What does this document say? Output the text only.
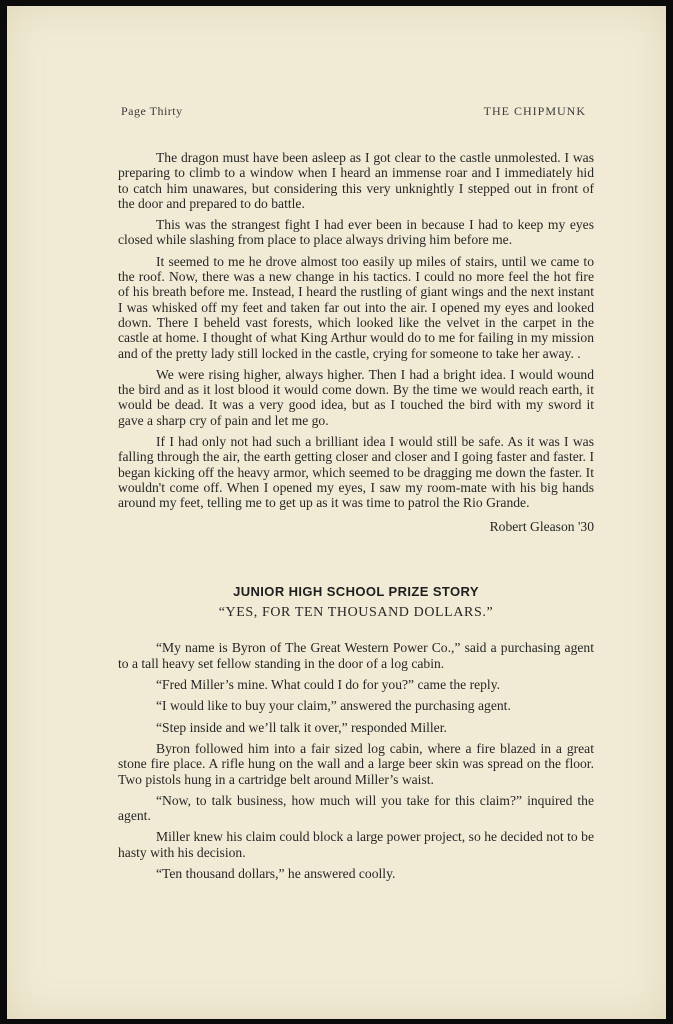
Page Thirty	THE CHIPMUNK

The dragon must have been asleep as I got clear to the castle unmolested. I was preparing to climb to a window when I heard an immense roar and I immediately hid to catch him unawares, but considering this very unknightly I stepped out in front of the door and prepared to do battle.

This was the strangest fight I had ever been in because I had to keep my eyes closed while slashing from place to place always driving him before me.

It seemed to me he drove almost too easily up miles of stairs, until we came to the roof. Now, there was a new change in his tactics. I could no more feel the hot fire of his breath before me. Instead, I heard the rustling of giant wings and the next instant I was whisked off my feet and taken far out into the air. I opened my eyes and looked down. There I beheld vast forests, which looked like the velvet in the carpet in the castle at home. I thought of what King Arthur would do to me for failing in my mission and of the pretty lady still locked in the castle, crying for someone to take her away. .

We were rising higher, always higher. Then I had a bright idea. I would wound the bird and as it lost blood it would come down. By the time we would reach earth, it would be dead. It was a very good idea, but as I touched the bird with my sword it gave a sharp cry of pain and let me go.

If I had only not had such a brilliant idea I would still be safe. As it was I was falling through the air, the earth getting closer and closer and I going faster and faster. I began kicking off the heavy armor, which seemed to be dragging me down the faster. It wouldn't come off. When I opened my eyes, I saw my room-mate with his big hands around my feet, telling me to get up as it was time to patrol the Rio Grande.

Robert Gleason '30
JUNIOR HIGH SCHOOL PRIZE STORY
“YES, FOR TEN THOUSAND DOLLARS.”

“My name is Byron of The Great Western Power Co.,” said a purchasing agent to a tall heavy set fellow standing in the door of a log cabin.

“Fred Miller’s mine. What could I do for you?” came the reply.

“I would like to buy your claim,” answered the purchasing agent.

“Step inside and we’ll talk it over,” responded Miller.

Byron followed him into a fair sized log cabin, where a fire blazed in a great stone fire place. A rifle hung on the wall and a large beer skin was spread on the floor. Two pistols hung in a cartridge belt around Miller’s waist.

“Now, to talk business, how much will you take for this claim?” inquired the agent.

Miller knew his claim could block a large power project, so he decided not to be hasty with his decision.

“Ten thousand dollars,” he answered coolly.
